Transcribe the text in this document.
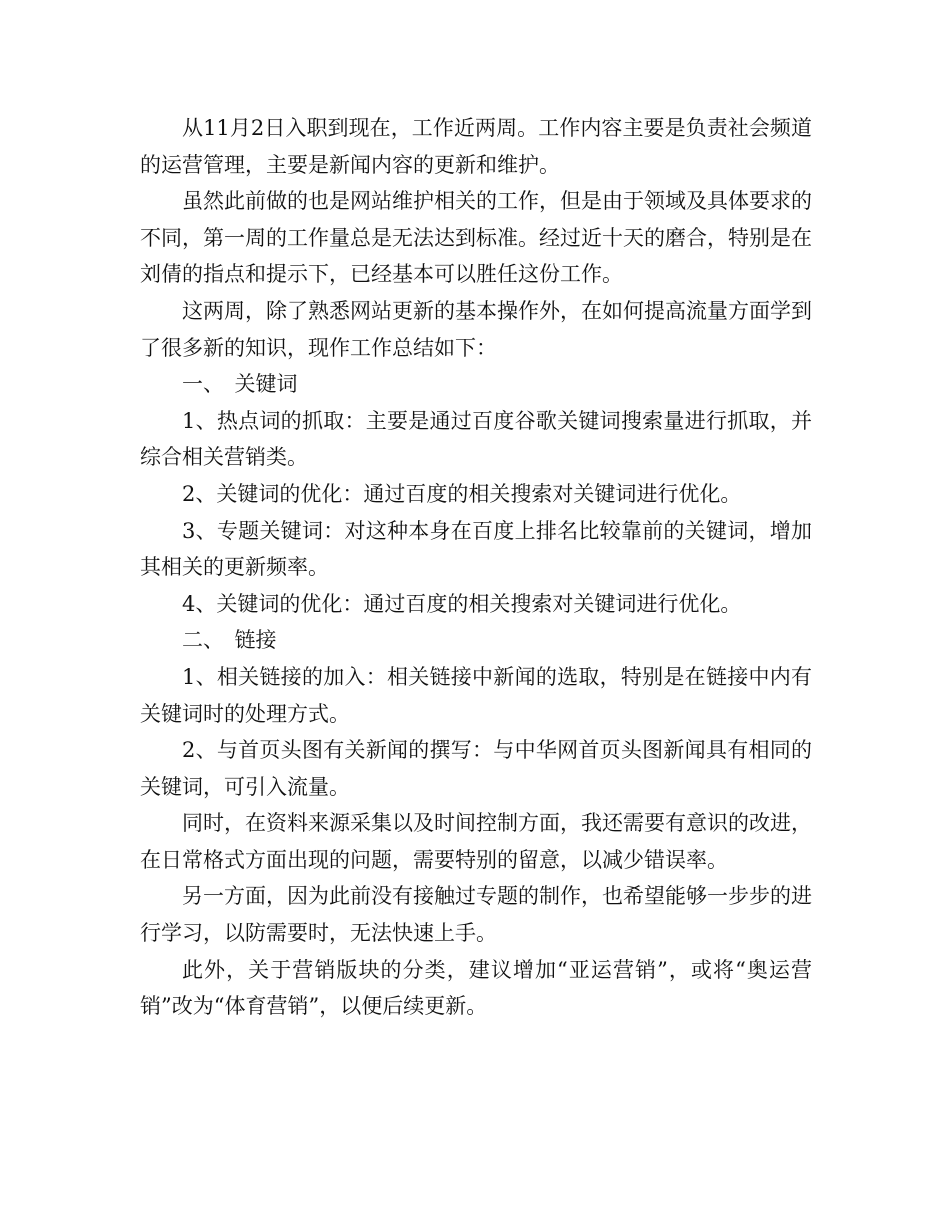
从11月2日入职到现在，工作近两周。工作内容主要是负责社会频道的运营管理，主要是新闻内容的更新和维护。

虽然此前做的也是网站维护相关的工作，但是由于领域及具体要求的不同，第一周的工作量总是无法达到标准。经过近十天的磨合，特别是在刘倩的指点和提示下，已经基本可以胜任这份工作。

这两周，除了熟悉网站更新的基本操作外，在如何提高流量方面学到了很多新的知识，现作工作总结如下：

一、　关键词

1、热点词的抓取：主要是通过百度谷歌关键词搜索量进行抓取，并综合相关营销类。

2、关键词的优化：通过百度的相关搜索对关键词进行优化。

3、专题关键词：对这种本身在百度上排名比较靠前的关键词，增加其相关的更新频率。

4、关键词的优化：通过百度的相关搜索对关键词进行优化。

二、　链接

1、相关链接的加入：相关链接中新闻的选取，特别是在链接中内有关键词时的处理方式。

2、与首页头图有关新闻的撰写：与中华网首页头图新闻具有相同的关键词，可引入流量。

同时，在资料来源采集以及时间控制方面，我还需要有意识的改进，在日常格式方面出现的问题，需要特别的留意，以减少错误率。

另一方面，因为此前没有接触过专题的制作，也希望能够一步步的进行学习，以防需要时，无法快速上手。

此外，关于营销版块的分类，建议增加“亚运营销”，或将“奥运营销”改为“体育营销”，以便后续更新。
